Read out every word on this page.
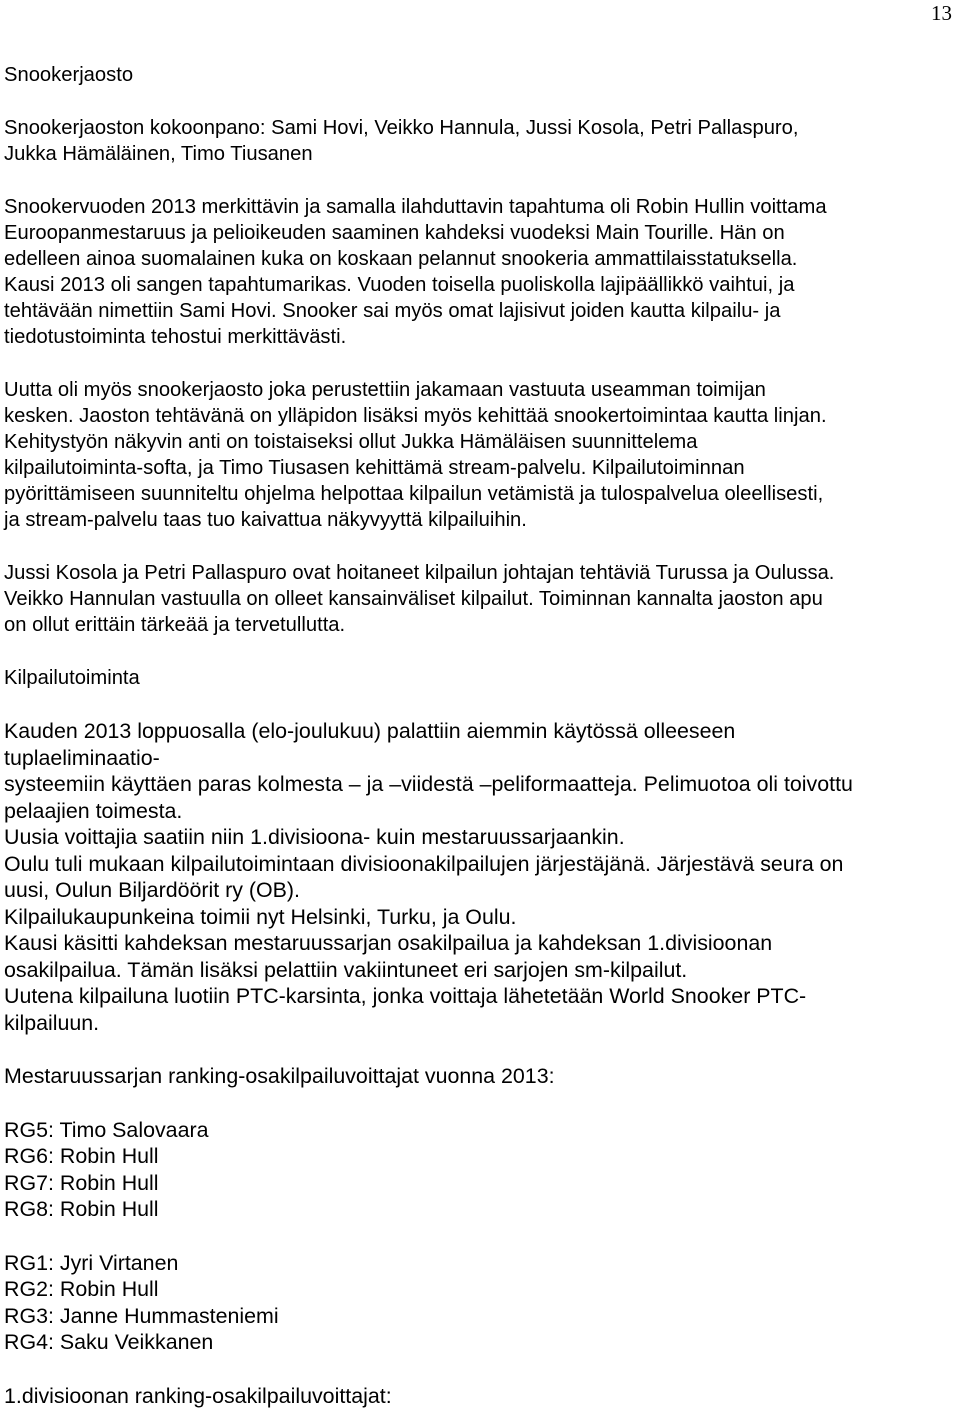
13
Snookerjaosto
Snookerjaoston kokoonpano: Sami Hovi, Veikko Hannula, Jussi Kosola, Petri Pallaspuro,
Jukka Hämäläinen, Timo Tiusanen
Snookervuoden 2013 merkittävin ja samalla ilahduttavin tapahtuma oli Robin Hullin voittama
Euroopanmestaruus ja pelioikeuden saaminen kahdeksi vuodeksi Main Tourille. Hän on
edelleen ainoa suomalainen kuka on koskaan pelannut snookeria ammattilaisstatuksella.
Kausi 2013 oli sangen tapahtumarikas. Vuoden toisella puoliskolla lajipäällikkö vaihtui, ja
tehtävään nimettiin Sami Hovi. Snooker sai myös omat lajisivut joiden kautta kilpailu- ja
tiedotustoiminta tehostui merkittävästi.
Uutta oli myös snookerjaosto joka perustettiin jakamaan vastuuta useamman toimijan
kesken. Jaoston tehtävänä on ylläpidon lisäksi myös kehittää snookertoimintaa kautta linjan.
Kehitystyön näkyvin anti on toistaiseksi ollut Jukka Hämäläisen suunnittelema
kilpailutoiminta-softa, ja Timo Tiusasen kehittämä stream-palvelu. Kilpailutoiminnan
pyörittämiseen suunniteltu ohjelma helpottaa kilpailun vetämistä ja tulospalvelua oleellisesti,
ja stream-palvelu taas tuo kaivattua näkyvyyttä kilpailuihin.
Jussi Kosola ja Petri Pallaspuro ovat hoitaneet kilpailun johtajan tehtäviä Turussa ja Oulussa.
Veikko Hannulan vastuulla on olleet kansainväliset kilpailut. Toiminnan kannalta jaoston apu
on ollut erittäin tärkeää ja tervetullutta.
Kilpailutoiminta
Kauden 2013 loppuosalla (elo-joulukuu) palattiin aiemmin käytössä olleeseen
tuplaeliminaatio-
systeemiin käyttäen paras kolmesta – ja –viidestä –peliformaatteja. Pelimuotoa oli toivottu
pelaajien toimesta.
Uusia voittajia saatiin niin 1.divisioona- kuin mestaruussarjaankin.
Oulu tuli mukaan kilpailutoimintaan divisioonakilpailujen järjestäjänä. Järjestävä seura on
uusi, Oulun Biljardöörit ry (OB).
Kilpailukaupunkeina toimii nyt Helsinki, Turku, ja Oulu.
Kausi käsitti kahdeksan mestaruussarjan osakilpailua ja kahdeksan 1.divisioonan
osakilpailua. Tämän lisäksi pelattiin vakiintuneet eri sarjojen sm-kilpailut.
Uutena kilpailuna luotiin PTC-karsinta, jonka voittaja lähetetään World Snooker PTC-
kilpailuun.
Mestaruussarjan ranking-osakilpailuvoittajat vuonna 2013:
RG5: Timo Salovaara
RG6: Robin Hull
RG7: Robin Hull
RG8: Robin Hull
RG1: Jyri Virtanen
RG2: Robin Hull
RG3: Janne Hummasteniemi
RG4: Saku Veikkanen
1.divisioonan ranking-osakilpailuvoittajat:
